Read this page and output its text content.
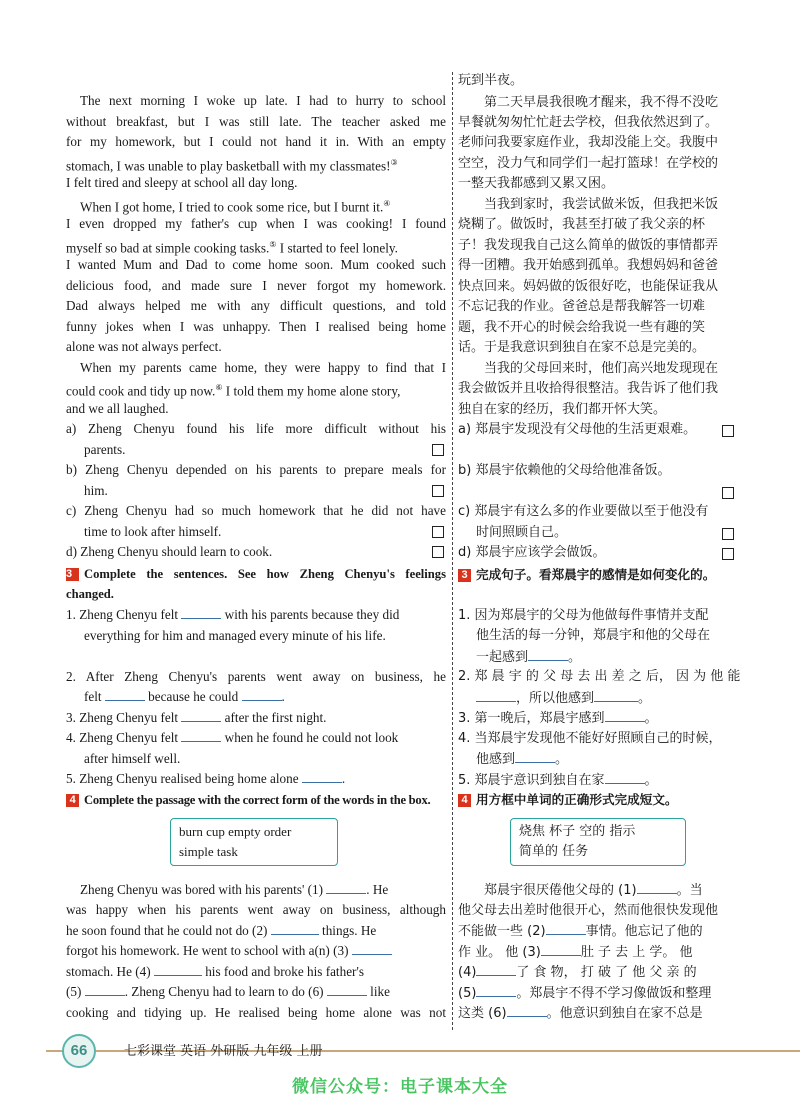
The next morning I woke up late. I had to hurry to school
without breakfast, but I was still late. The teacher asked me
for my homework, but I could not hand it in. With an empty
stomach, I was unable to play basketball with my classmates!③
I felt tired and sleepy at school all day long.
When I got home, I tried to cook some rice, but I burnt it.④
I even dropped my father's cup when I was cooking! I found
myself so bad at simple cooking tasks.⑤ I started to feel lonely.
I wanted Mum and Dad to come home soon. Mum cooked such
delicious food, and made sure I never forgot my homework.
Dad always helped me with any difficult questions, and told
funny jokes when I was unhappy. Then I realised being home
alone was not always perfect.
When my parents came home, they were happy to find that I
could cook and tidy up now.⑥ I told them my home alone story,
and we all laughed.
a) Zheng Chenyu found his life more difficult without his
parents.
b) Zheng Chenyu depended on his parents to prepare meals for
him.
c) Zheng Chenyu had so much homework that he did not have
time to look after himself.
d) Zheng Chenyu should learn to cook.
3 Complete the sentences. See how Zheng Chenyu's feelings
changed.
1. Zheng Chenyu felt	with his parents because they did
everything for him and managed every minute of his life.
2. After Zheng Chenyu's parents went away on business, he
felt	because he could	.
3. Zheng Chenyu felt	after the first night.
4. Zheng Chenyu felt	when he found he could not look
after himself well.
5. Zheng Chenyu realised being home alone	.
4 Complete the passage with the correct form of the words in the box.
burn cup empty order
simple task
Zheng Chenyu was bored with his parents' (1)	. He
was happy when his parents went away on business, although
he soon found that he could not do (2)	things. He
forgot his homework. He went to school with a(n) (3)
stomach. He (4)	his food and broke his father's
(5)	. Zheng Chenyu had to learn to do (6)	like
cooking and tidying up. He realised being home alone was not
玩到半夜。
第二天早晨我很晚才醒来，我不得不没吃
早餐就匆匆忙忙赶去学校，但我依然迟到了。
老师问我要家庭作业，我却没能上交。我腹中
空空，没力气和同学们一起打篮球！在学校的
一整天我都感到又累又困。
当我到家时，我尝试做米饭，但我把米饭
烧糊了。做饭时，我甚至打破了我父亲的杯
子！我发现我自己这么简单的做饭的事情都弄
得一团糟。我开始感到孤单。我想妈妈和爸爸
快点回来。妈妈做的饭很好吃，也能保证我从
不忘记我的作业。爸爸总是帮我解答一切难
题，我不开心的时候会给我说一些有趣的笑
话。于是我意识到独自在家不总是完美的。
当我的父母回来时，他们高兴地发现现在
我会做饭并且收拾得很整洁。我告诉了他们我
独自在家的经历，我们都开怀大笑。
a) 郑晨宇发现没有父母他的生活更艰难。
b) 郑晨宇依赖他的父母给他准备饭。
c) 郑晨宇有这么多的作业要做以至于他没有
时间照顾自己。
d) 郑晨宇应该学会做饭。
3 完成句子。看郑晨宇的感情是如何变化的。
1. 因为郑晨宇的父母为他做每件事情并支配
他生活的每一分钟，郑晨宇和他的父母在
一起感到	。
2. 郑 晨 宇 的 父 母 去 出 差 之 后， 因 为 他 能
，所以他感到	。
3. 第一晚后，郑晨宇感到	。
4. 当郑晨宇发现他不能好好照顾自己的时候，
他感到	。
5. 郑晨宇意识到独自在家	。
4 用方框中单词的正确形式完成短文。
烧焦 杯子 空的 指示
简单的 任务
郑晨宇很厌倦他父母的 (1)	。当
他父母去出差时他很开心，然而他很快发现他
不能做一些 (2)	事情。他忘记了他的
作 业。 他 (3)	肚 子 去 上 学。 他
(4)	了 食 物， 打 破 了 他 父 亲 的
(5)	。郑晨宇不得不学习像做饭和整理
这类 (6)	。他意识到独自在家不总是
66	七彩课堂 英语 外研版 九年级 上册
微信公众号：电子课本大全
